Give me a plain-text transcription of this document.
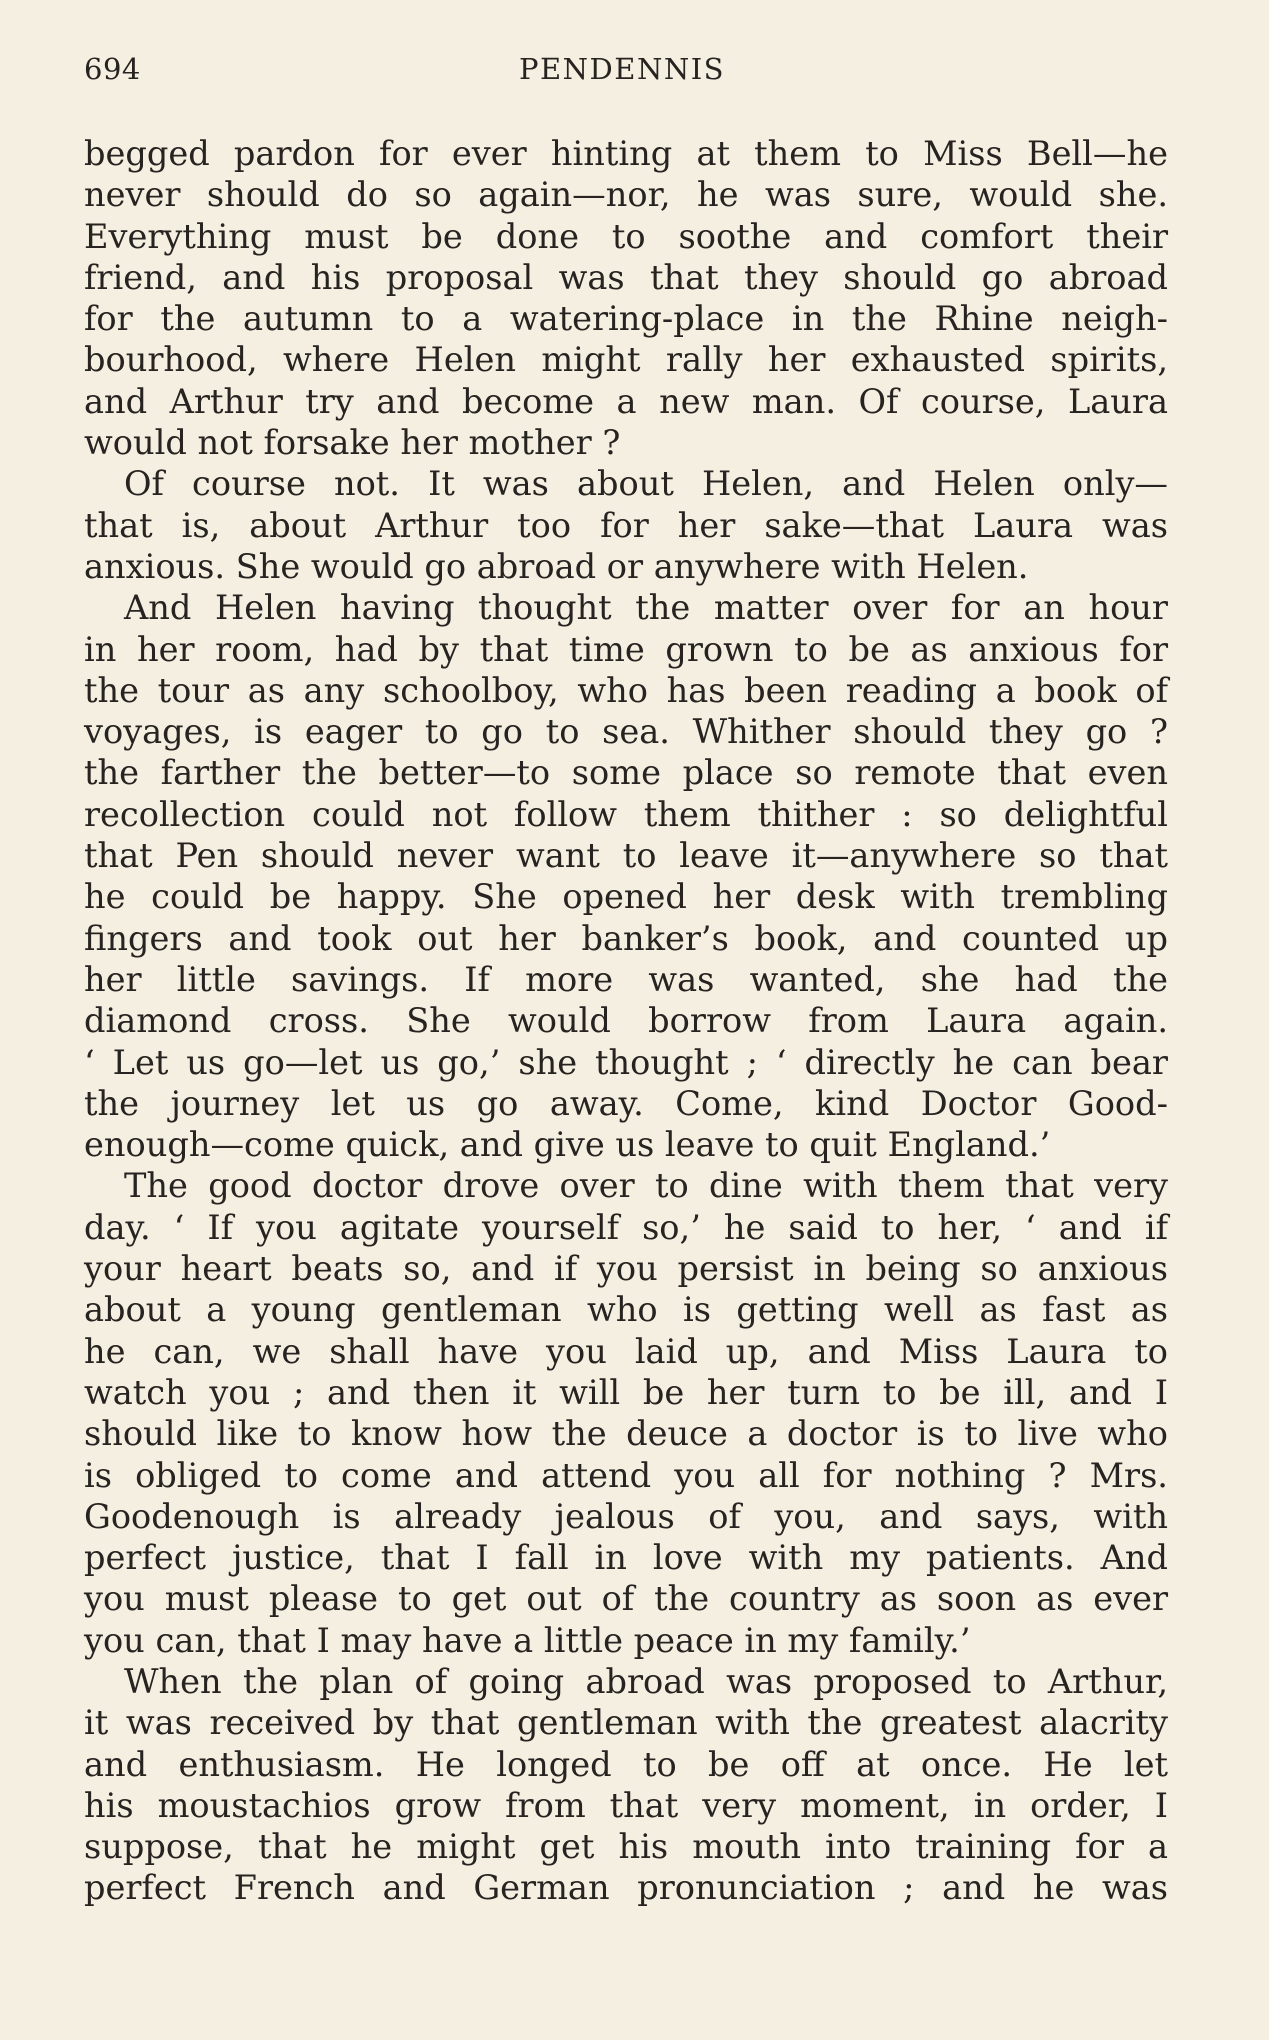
694	PENDENNIS
begged pardon for ever hinting at them to Miss Bell—he
never should do so again—nor, he was sure, would she.
Everything must be done to soothe and comfort their
friend, and his proposal was that they should go abroad
for the autumn to a watering-place in the Rhine neigh-
bourhood, where Helen might rally her exhausted spirits,
and Arthur try and become a new man. Of course, Laura
would not forsake her mother ?
Of course not. It was about Helen, and Helen only—
that is, about Arthur too for her sake—that Laura was
anxious. She would go abroad or anywhere with Helen.
And Helen having thought the matter over for an hour
in her room, had by that time grown to be as anxious for
the tour as any schoolboy, who has been reading a book of
voyages, is eager to go to sea. Whither should they go ?
the farther the better—to some place so remote that even
recollection could not follow them thither : so delightful
that Pen should never want to leave it—anywhere so that
he could be happy. She opened her desk with trembling
fingers and took out her banker’s book, and counted up
her little savings. If more was wanted, she had the
diamond cross. She would borrow from Laura again.
‘ Let us go—let us go,’ she thought ; ‘ directly he can bear
the journey let us go away. Come, kind Doctor Good-
enough—come quick, and give us leave to quit England.’
The good doctor drove over to dine with them that very
day. ‘ If you agitate yourself so,’ he said to her, ‘ and if
your heart beats so, and if you persist in being so anxious
about a young gentleman who is getting well as fast as
he can, we shall have you laid up, and Miss Laura to
watch you ; and then it will be her turn to be ill, and I
should like to know how the deuce a doctor is to live who
is obliged to come and attend you all for nothing ? Mrs.
Goodenough is already jealous of you, and says, with
perfect justice, that I fall in love with my patients. And
you must please to get out of the country as soon as ever
you can, that I may have a little peace in my family.’
When the plan of going abroad was proposed to Arthur,
it was received by that gentleman with the greatest alacrity
and enthusiasm. He longed to be off at once. He let
his moustachios grow from that very moment, in order, I
suppose, that he might get his mouth into training for a
perfect French and German pronunciation ; and he was
